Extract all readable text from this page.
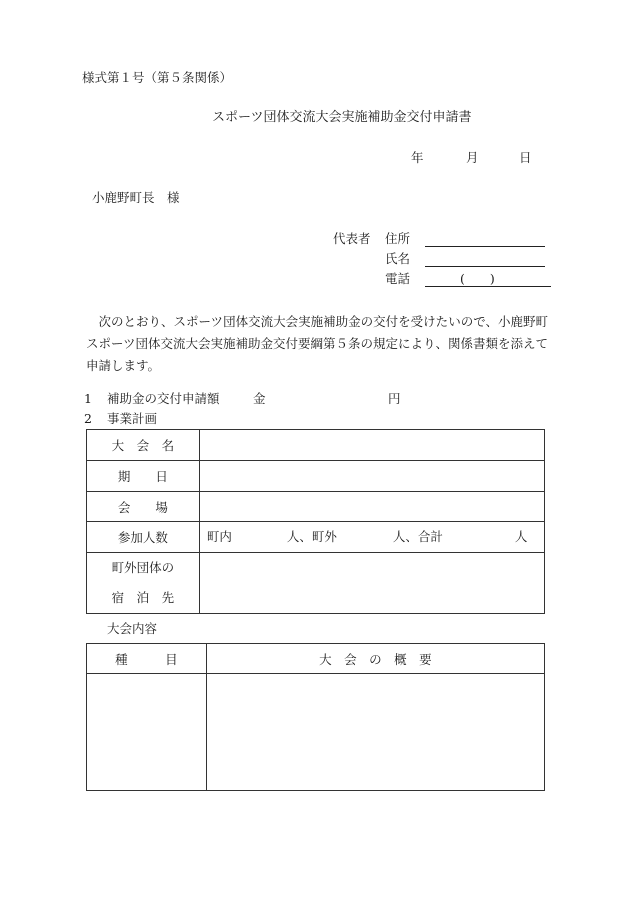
様式第１号（第５条関係）
スポーツ団体交流大会実施補助金交付申請書
年	月	日
小鹿野町長　様
代表者 住所
氏名
電話	(　　)
次のとおり、スポーツ団体交流大会実施補助金の交付を受けたいので、小鹿野町スポーツ団体交流大会実施補助金交付要綱第５条の規定により、関係書類を添えて申請します。
1 補助金の交付申請額	金	円
2 事業計画
大　会　名	
期　　日	
会　　場	
参加人数	町内 人、町外 人、合計 人

町外団体の
宿　泊　先	

大会内容
種　　　目	大　会　の　概　要
